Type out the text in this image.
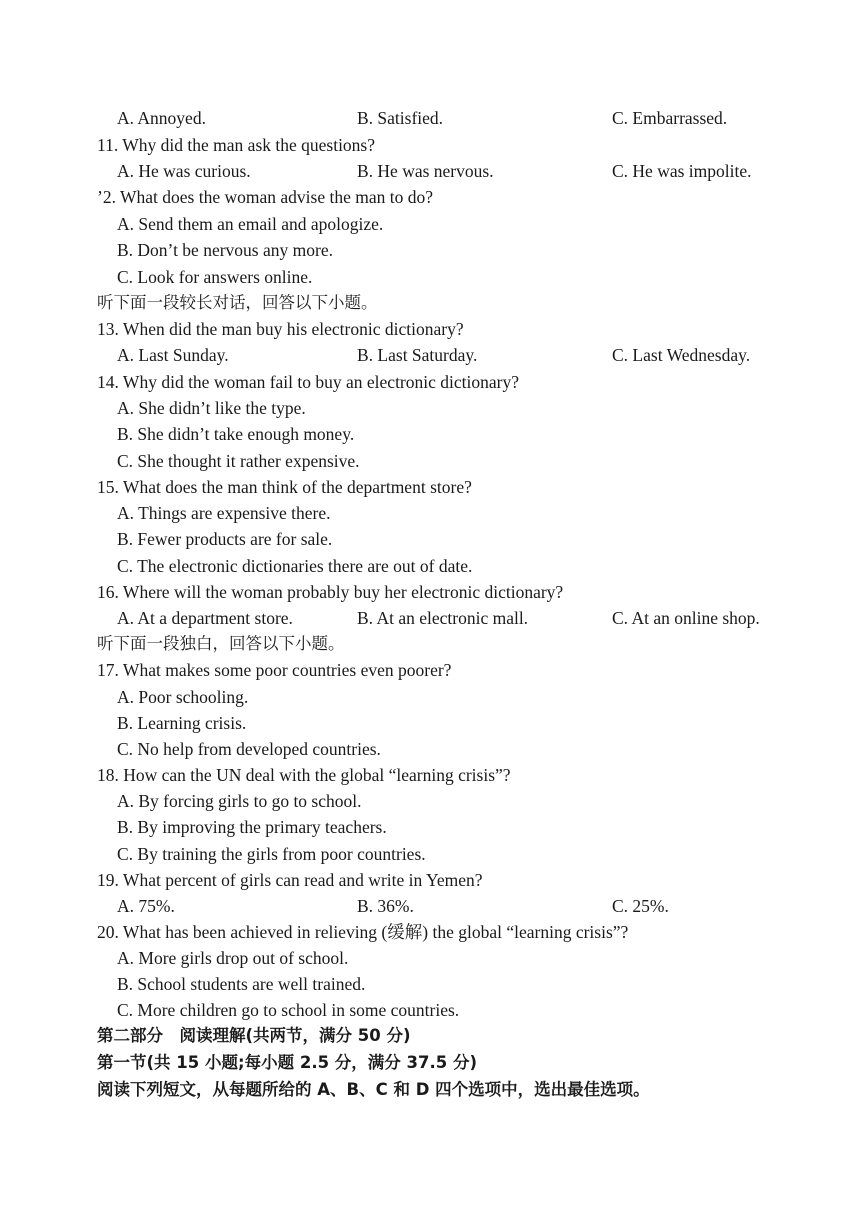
A. Annoyed.	B. Satisfied.	C. Embarrassed.
11. Why did the man ask the questions?
A. He was curious.	B. He was nervous.	C. He was impolite.
’2. What does the woman advise the man to do?
A. Send them an email and apologize.
B. Don’t be nervous any more.
C. Look for answers online.
听下面一段较长对话，回答以下小题。
13. When did the man buy his electronic dictionary?
A. Last Sunday.	B. Last Saturday.	C. Last Wednesday.
14. Why did the woman fail to buy an electronic dictionary?
A. She didn’t like the type.
B. She didn’t take enough money.
C. She thought it rather expensive.
15. What does the man think of the department store?
A. Things are expensive there.
B. Fewer products are for sale.
C. The electronic dictionaries there are out of date.
16. Where will the woman probably buy her electronic dictionary?
A. At a department store.	B. At an electronic mall.	C. At an online shop.
听下面一段独白，回答以下小题。
17. What makes some poor countries even poorer?
A. Poor schooling.
B. Learning crisis.
C. No help from developed countries.
18. How can the UN deal with the global “learning crisis”?
A. By forcing girls to go to school.
B. By improving the primary teachers.
C. By training the girls from poor countries.
19. What percent of girls can read and write in Yemen?
A. 75%.	B. 36%.	C. 25%.
20. What has been achieved in relieving (缓解) the global “learning crisis”?
A. More girls drop out of school.
B. School students are well trained.
C. More children go to school in some countries.
第二部分　阅读理解(共两节，满分 50 分)
第一节(共 15 小题;每小题 2.5 分，满分 37.5 分)
阅读下列短文，从每题所给的 A、B、C 和 D 四个选项中，选出最佳选项。
